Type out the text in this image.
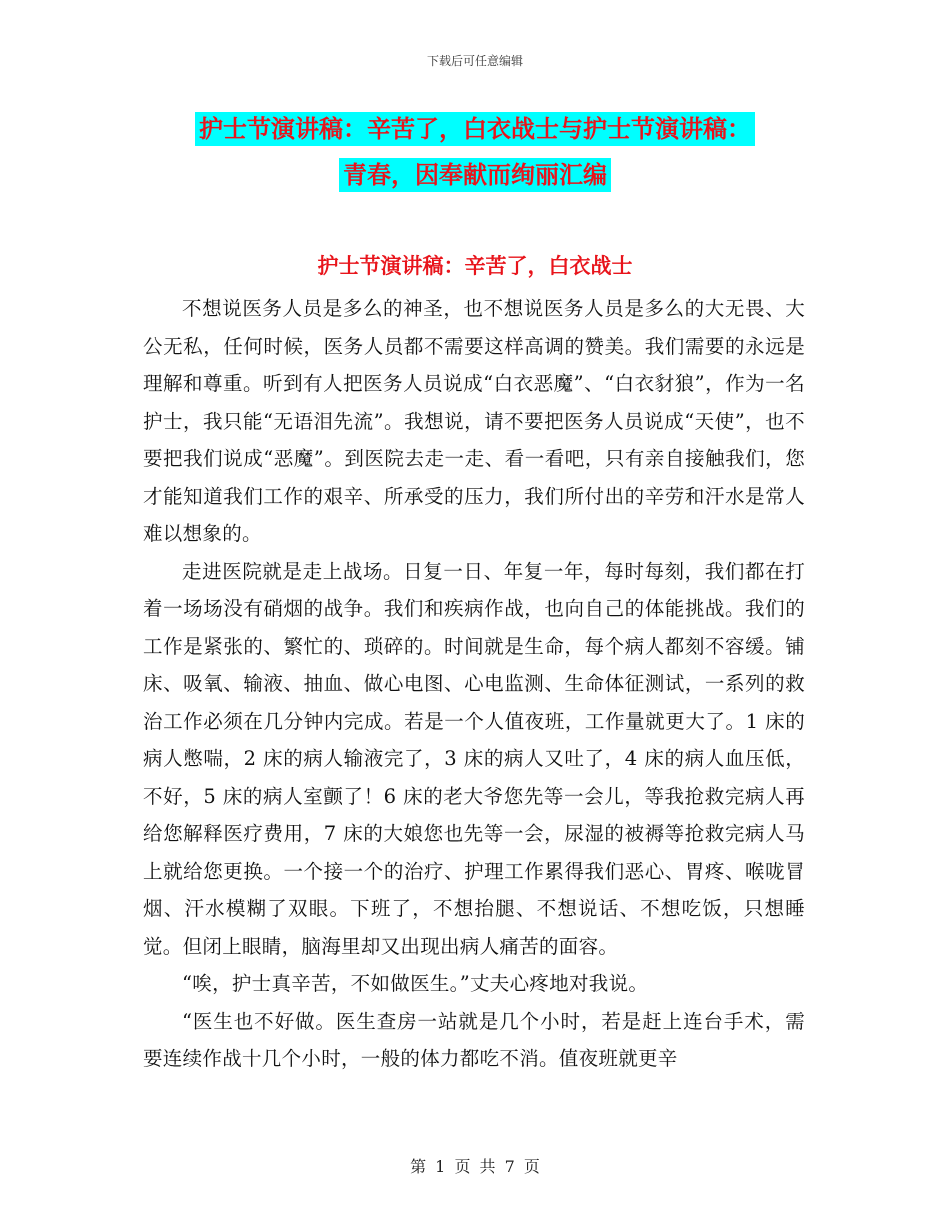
下载后可任意编辑
护士节演讲稿：辛苦了，白衣战士与护士节演讲稿：
青春，因奉献而绚丽汇编
护士节演讲稿：辛苦了，白衣战士

不想说医务人员是多么的神圣，也不想说医务人员是多么的大无畏、大公无私，任何时候，医务人员都不需要这样高调的赞美。我们需要的永远是理解和尊重。听到有人把医务人员说成“白衣恶魔”、“白衣豺狼”，作为一名护士，我只能“无语泪先流”。我想说，请不要把医务人员说成“天使”，也不要把我们说成“恶魔”。到医院去走一走、看一看吧，只有亲自接触我们，您才能知道我们工作的艰辛、所承受的压力，我们所付出的辛劳和汗水是常人难以想象的。

走进医院就是走上战场。日复一日、年复一年，每时每刻，我们都在打着一场场没有硝烟的战争。我们和疾病作战，也向自己的体能挑战。我们的工作是紧张的、繁忙的、琐碎的。时间就是生命，每个病人都刻不容缓。铺床、吸氧、输液、抽血、做心电图、心电监测、生命体征测试，一系列的救治工作必须在几分钟内完成。若是一个人值夜班，工作量就更大了。1 床的病人憋喘，2 床的病人输液完了，3 床的病人又吐了，4 床的病人血压低，不好，5 床的病人室颤了！6 床的老大爷您先等一会儿，等我抢救完病人再给您解释医疗费用，7 床的大娘您也先等一会，尿湿的被褥等抢救完病人马上就给您更换。一个接一个的治疗、护理工作累得我们恶心、胃疼、喉咙冒烟、汗水模糊了双眼。下班了，不想抬腿、不想说话、不想吃饭，只想睡觉。但闭上眼睛，脑海里却又出现出病人痛苦的面容。

“唉，护士真辛苦，不如做医生。”丈夫心疼地对我说。

“医生也不好做。医生查房一站就是几个小时，若是赶上连台手术，需要连续作战十几个小时，一般的体力都吃不消。值夜班就更辛

第 1 页 共 7 页
